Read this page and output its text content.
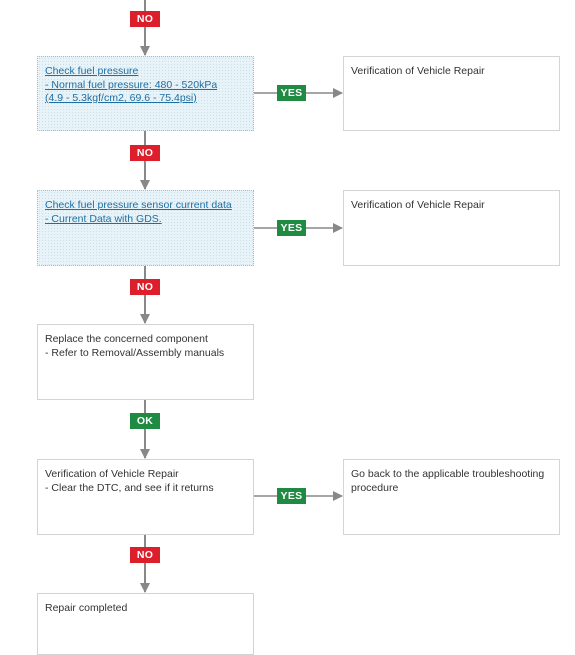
NO
YES
NO
YES
NO
OK
YES
NO
Check fuel pressure
- Normal fuel pressure: 480 - 520kPa
(4.9 - 5.3kgf/cm2, 69.6 - 75.4psi)
Verification of Vehicle Repair
Check fuel pressure sensor current data
- Current Data with GDS.
Verification of Vehicle Repair
Replace the concerned component
- Refer to Removal/Assembly manuals
Verification of Vehicle Repair
- Clear the DTC, and see if it returns
Go back to the applicable troubleshooting
procedure
Repair completed
